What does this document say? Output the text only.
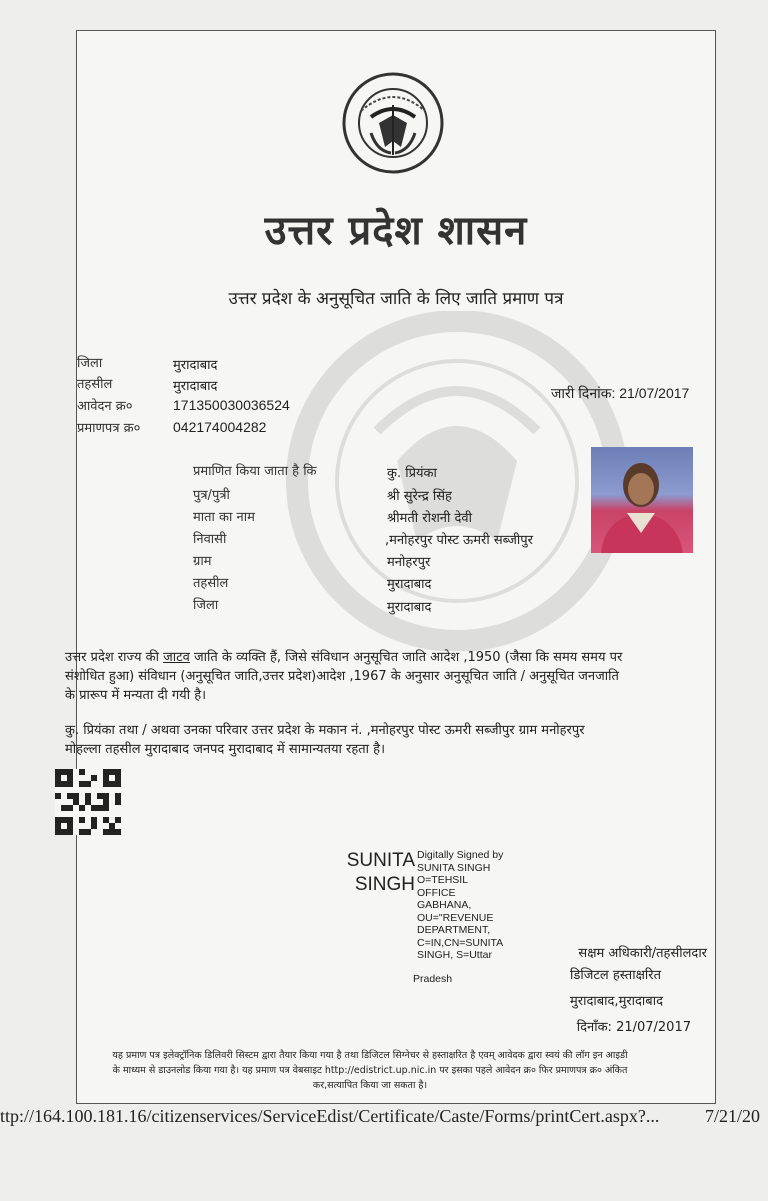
उत्तर प्रदेश शासन
उत्तर प्रदेश के अनुसूचित जाति के लिए जाति प्रमाण पत्र
जिला	मुरादाबाद
तहसील	मुरादाबाद
आवेदन क्र०	171350030036524
प्रमाणपत्र क्र० 042174004282
जारी दिनांक: 21/07/2017
प्रमाणित किया जाता है कि	कु. प्रियंका
पुत्र/पुत्री	श्री सुरेन्द्र सिंह
माता का नाम	श्रीमती रोशनी देवी
निवासी	,मनोहरपुर पोस्ट ऊमरी सब्जीपुर
ग्राम	मनोहरपुर
तहसील	मुरादाबाद
जिला	मुरादाबाद
उत्तर प्रदेश राज्य की जाटव जाति के व्यक्ति हैं, जिसे संविधान अनुसूचित जाति आदेश ,1950 (जैसा कि समय समय पर
संशोधित हुआ) संविधान (अनुसूचित जाति,उत्तर प्रदेश)आदेश ,1967 के अनुसार अनुसूचित जाति / अनुसूचित जनजाति
के प्रारूप में मन्यता दी गयी है।
कु. प्रियंका तथा / अथवा उनका परिवार उत्तर प्रदेश के मकान नं. ,मनोहरपुर पोस्ट ऊमरी सब्जीपुर ग्राम मनोहरपुर
मोहल्ला तहसील मुरादाबाद जनपद मुरादाबाद में सामान्यतया रहता है।
SUNITA
SINGH
Digitally Signed by
SUNITA SINGH
O=TEHSIL
OFFICE
GABHANA,
OU="REVENUE
DEPARTMENT,
C=IN,CN=SUNITA
SINGH, S=Uttar
Pradesh
सक्षम अधिकारी/तहसीलदार
डिजिटल हस्ताक्षरित
मुरादाबाद,मुरादाबाद
दिनाँक: 21/07/2017
यह प्रमाण पत्र इलेक्ट्रॉनिक डिलिवरी सिस्टम द्वारा तैयार किया गया है तथा डिजिटल सिग्नेचर से हस्ताक्षरित है एवम् आवेदक द्वारा स्वयं की लॉग इन आइडी
के माध्यम से डाउनलोड किया गया है। यह प्रमाण पत्र वेबसाइट http://edistrict.up.nic.in पर इसका पहले आवेदन क्र० फिर प्रमाणपत्र क्र० अंकित
कर,सत्यापित किया जा सकता है।
ttp://164.100.181.16/citizenservices/ServiceEdist/Certificate/Caste/Forms/printCert.aspx?...	7/21/20
